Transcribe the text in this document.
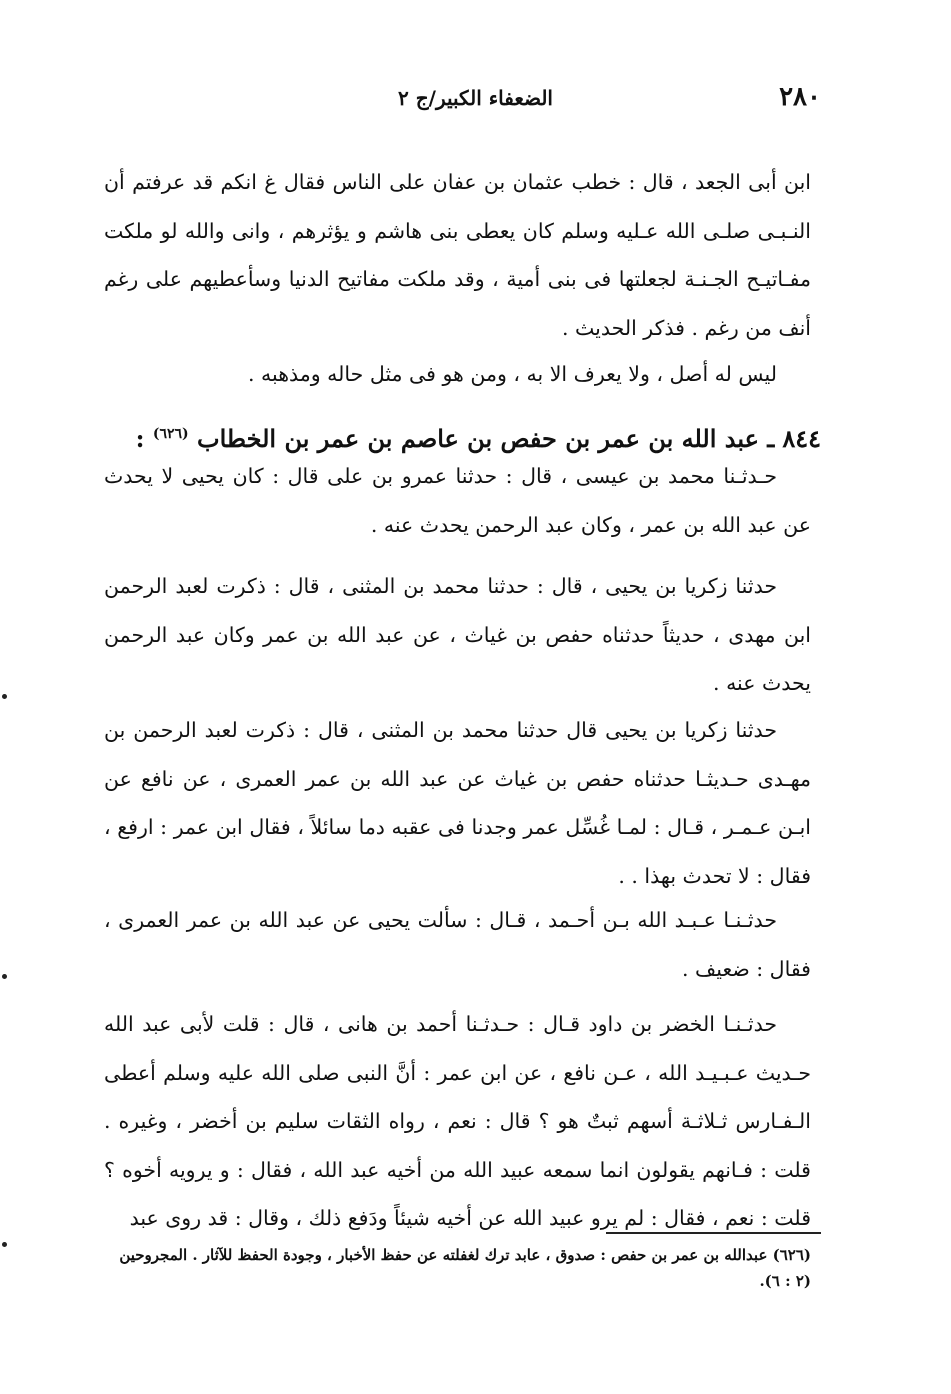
٢٨٠
الضعفاء الكبير/ج ٢

ابن أبى الجعد ، قال : خطب عثمان بن عفان على الناس فقال غ انكم قد عرفتم أن النـبـى صلـى الله عـليه وسلم كان يعطى بنى هاشم و يؤثرهم ، وانى والله لو ملكت مفـاتيـح الجـنـة لجعلتها فى بنى أمية ، وقد ملكت مفاتيح الدنيا وسأعطيهم على رغم أنف من رغم . فذكر الحديث .

ليس له أصل ، ولا يعرف الا به ، ومن هو فى مثل حاله ومذهبه .

٨٤٤ـ عبد الله بن عمر بن حفص بن عاصم بن عمر بن الخطاب $^{(٦٢٦)}$ :

حـدثـنا محمد بن عيسى ، قال : حدثنا عمرو بن على قال : كان يحيى لا يحدث عن عبد الله بن عمر ، وكان عبد الرحمن يحدث عنه .

حدثنا زكريا بن يحيى ، قال : حدثنا محمد بن المثنى ، قال : ذكرت لعبد الرحمن ابن مهدى ، حديثاً حدثناه حفص بن غياث ، عن عبد الله بن عمر وكان عبد الرحمن يحدث عنه .

حدثنا زكريا بن يحيى قال حدثنا محمد بن المثنى ، قال : ذكرت لعبد الرحمن بن مهـدى حـديثـا حدثناه حفص بن غياث عن عبد الله بن عمر العمرى ، عن نافع عن ابـن عـمـر ، قـال : لمـا غُسِّل عمر وجدنا فى عقبه دما سائلاً ، فقال ابن عمر : ارفع ، فقال : لا تحدث بهذا . .

حدثـنـا عـبـد الله بـن أحـمد ، قـال : سألت يحيى عن عبد الله بن عمر العمرى ، فقال : ضعيف .

حدثـنـا الخضر بن داود قـال : حـدثـنا أحمد بن هانى ، قال : قلت لأبى عبد الله حـديث عـبـيـد الله ، عـن نافع ، عن ابن عمر : أنَّ النبى صلى الله عليه وسلم أعطى الـفـارس ثـلاثـة أسهم ثبتٌ هو ؟ قال : نعم ، رواه الثقات سليم بن أخضر ، وغيره . قلت : فـانهم يقولون انما سمعه عبيد الله من أخيه عبد الله ، فقال : و يرويه أخوه ؟ قلت : نعم ، فقال : لم يرو عبيد الله عن أخيه شيئاً ودَفع ذلك ، وقال : قد روى عبد

(٦٢٦) عبدالله بن عمر بن حفص : صدوق ، عابد ترك لغفلته عن حفظ الأخبار ، وجودة الحفظ للآثار . المجروحين (٢ : ٦).
